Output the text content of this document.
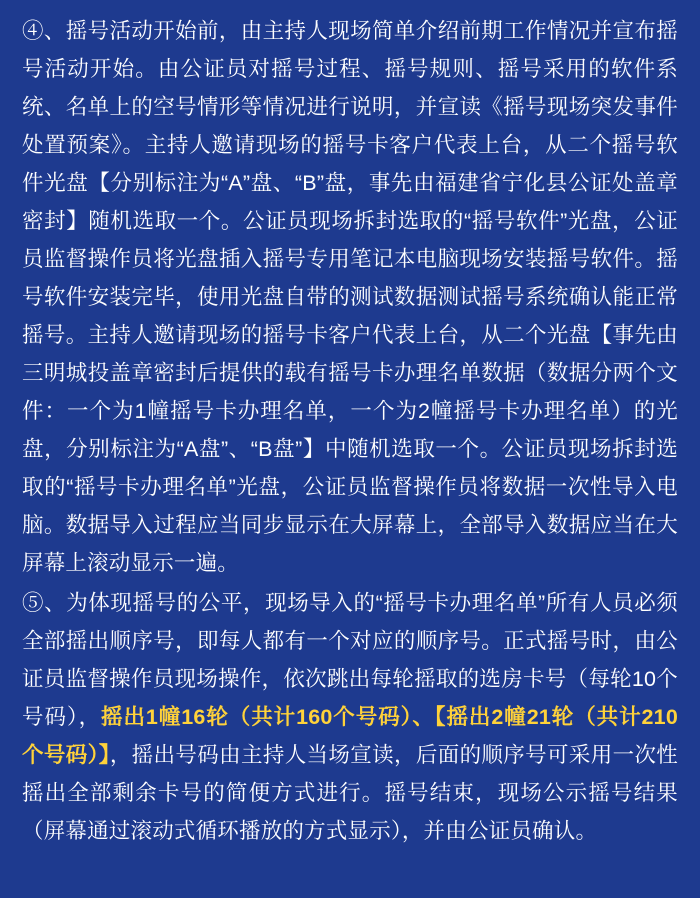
④、摇号活动开始前，由主持人现场简单介绍前期工作情况并宣布摇号活动开始。由公证员对摇号过程、摇号规则、摇号采用的软件系统、名单上的空号情形等情况进行说明，并宣读《摇号现场突发事件处置预案》。主持人邀请现场的摇号卡客户代表上台，从二个摇号软件光盘【分别标注为“A”盘、“B”盘，事先由福建省宁化县公证处盖章密封】随机选取一个。公证员现场拆封选取的“摇号软件”光盘，公证员监督操作员将光盘插入摇号专用笔记本电脑现场安装摇号软件。摇号软件安装完毕，使用光盘自带的测试数据测试摇号系统确认能正常摇号。主持人邀请现场的摇号卡客户代表上台，从二个光盘【事先由三明城投盖章密封后提供的载有摇号卡办理名单数据（数据分两个文件：一个为1幢摇号卡办理名单，一个为2幢摇号卡办理名单）的光盘，分别标注为“A盘”、“B盘”】中随机选取一个。公证员现场拆封选取的“摇号卡办理名单”光盘，公证员监督操作员将数据一次性导入电脑。数据导入过程应当同步显示在大屏幕上，全部导入数据应当在大屏幕上滚动显示一遍。

⑤、为体现摇号的公平，现场导入的“摇号卡办理名单”所有人员必须全部摇出顺序号，即每人都有一个对应的顺序号。正式摇号时，由公证员监督操作员现场操作，依次跳出每轮摇取的选房卡号（每轮10个号码），摇出1幢16轮（共计160个号码）、【摇出2幢21轮（共计210个号码）】，摇出号码由主持人当场宣读，后面的顺序号可采用一次性摇出全部剩余卡号的简便方式进行。摇号结束，现场公示摇号结果（屏幕通过滚动式循环播放的方式显示），并由公证员确认。
